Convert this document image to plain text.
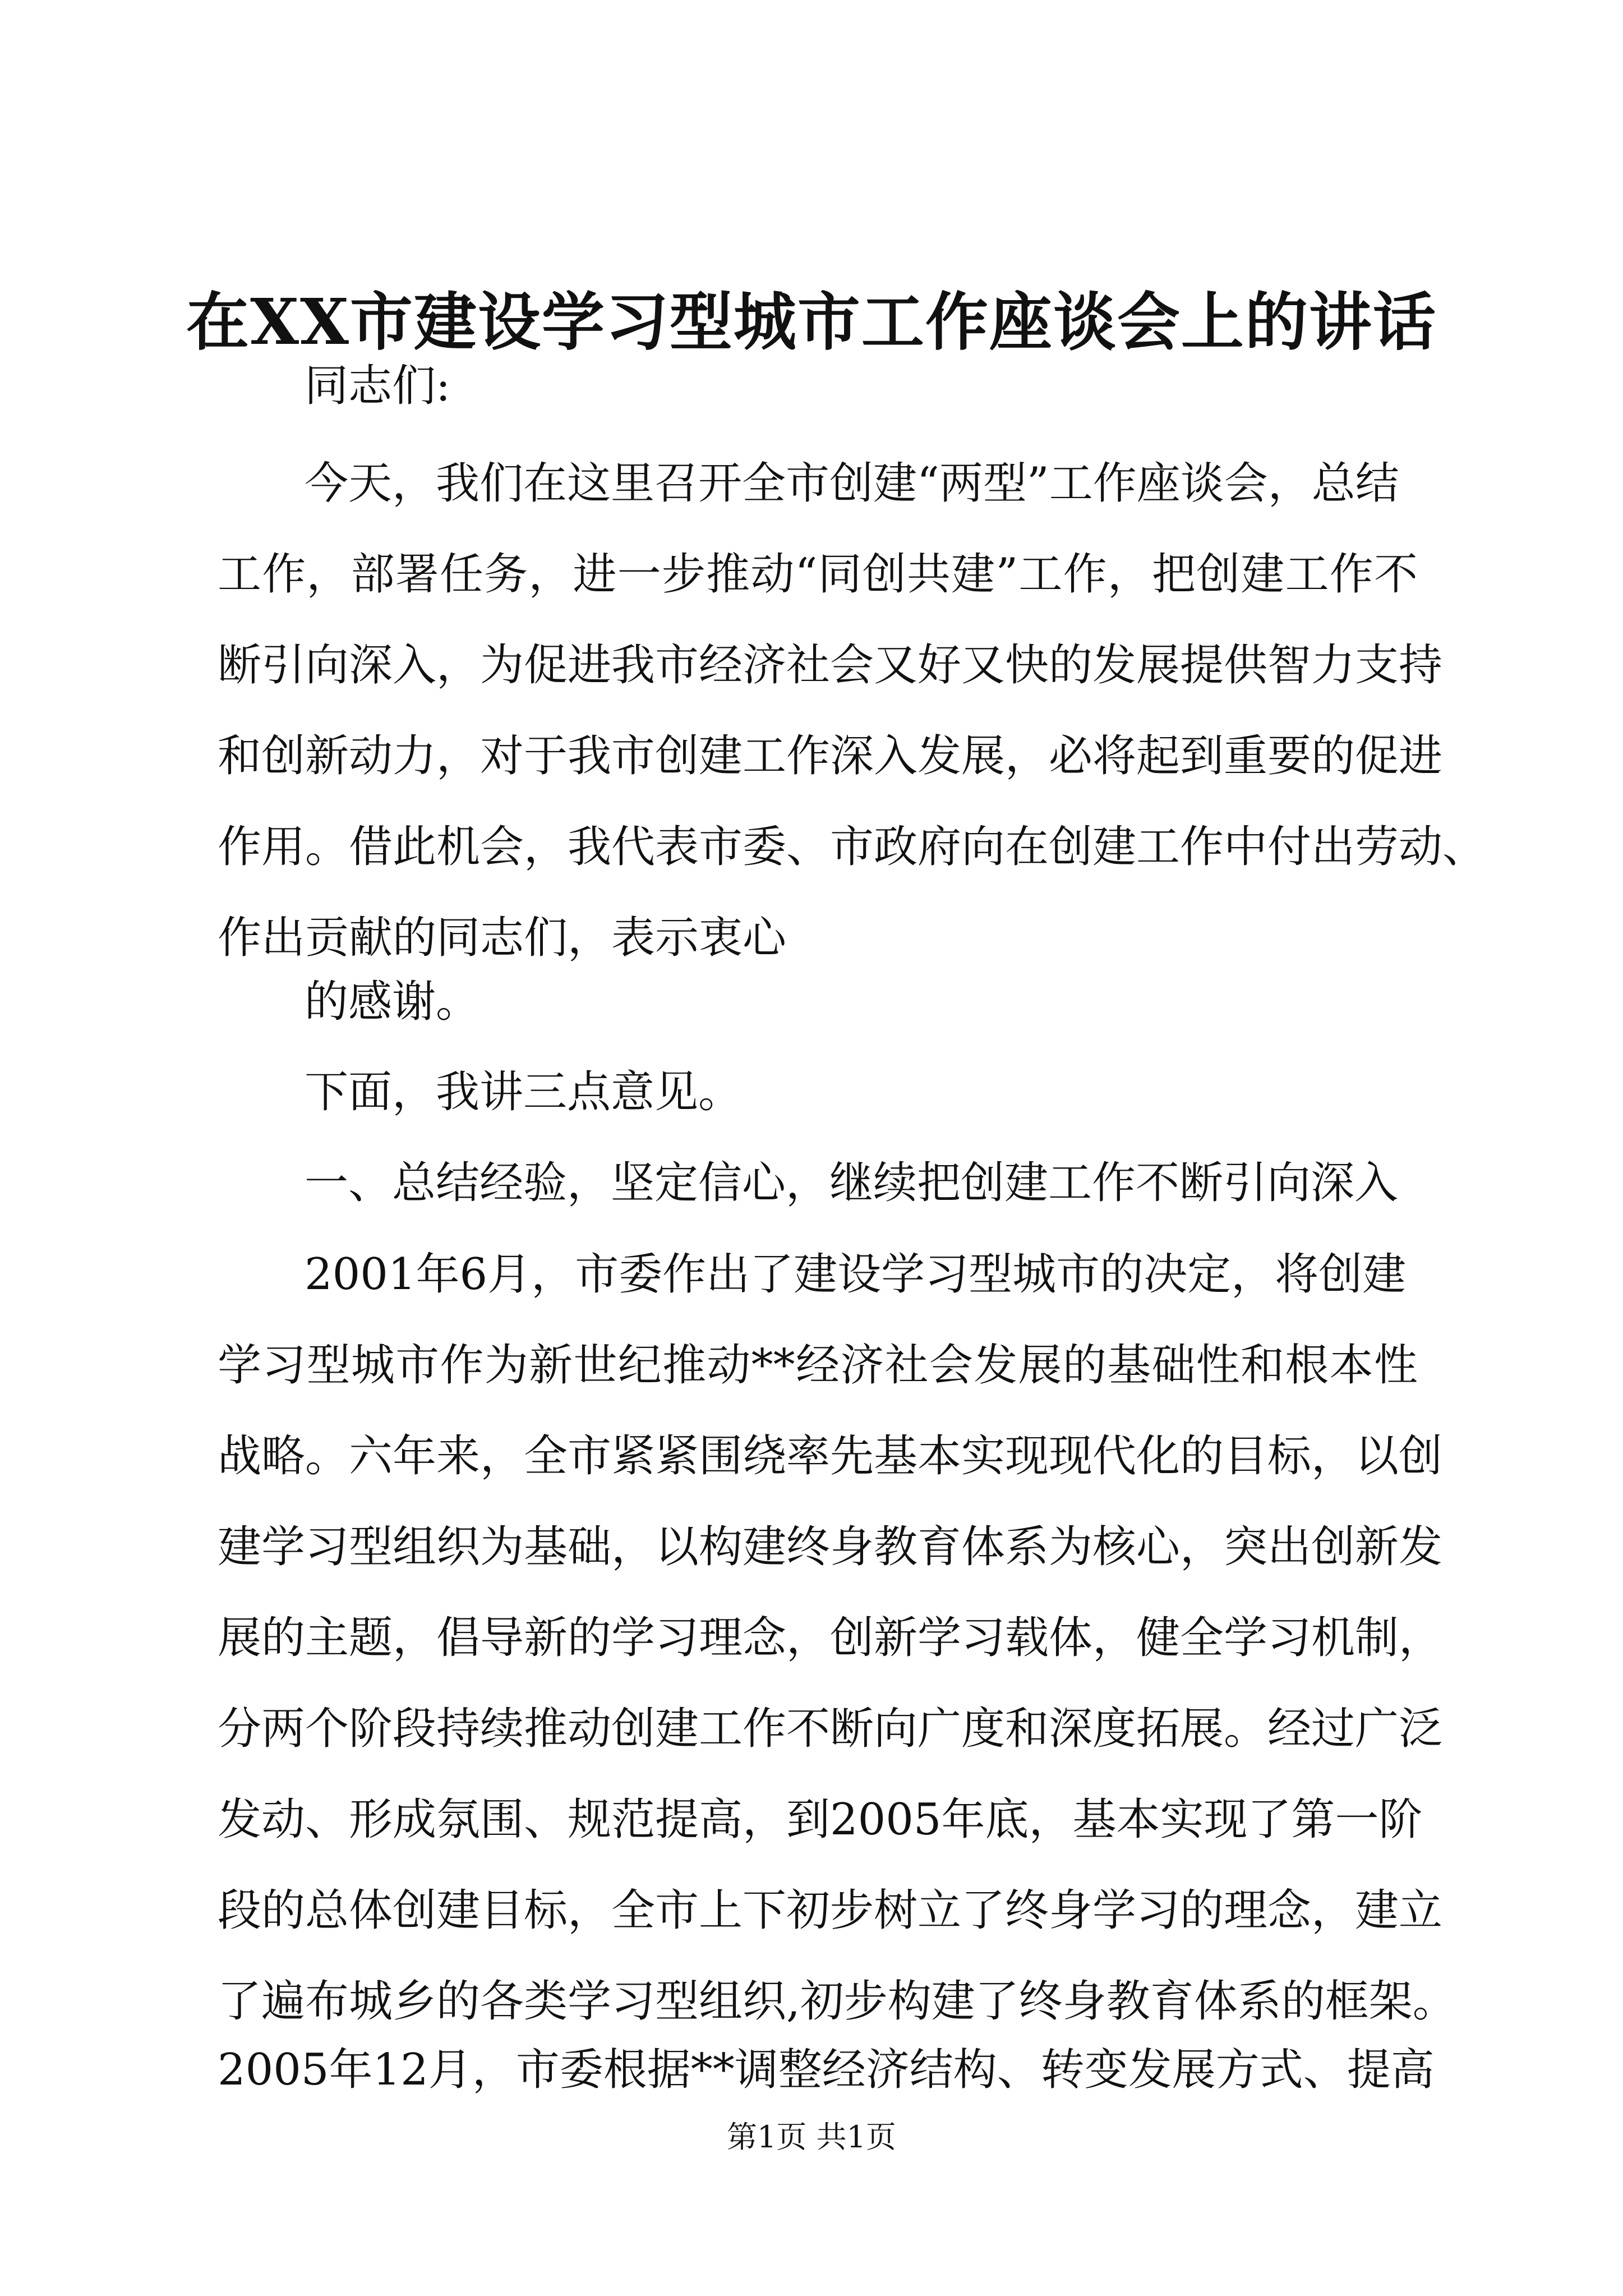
在XX市建设学习型城市工作座谈会上的讲话

同志们:

今天，我们在这里召开全市创建“两型”工作座谈会，总结

工作，部署任务，进一步推动“同创共建”工作，把创建工作不

断引向深入，为促进我市经济社会又好又快的发展提供智力支持

和创新动力，对于我市创建工作深入发展，必将起到重要的促进

作用。借此机会，我代表市委、市政府向在创建工作中付出劳动、

作出贡献的同志们，表示衷心

的感谢。

下面，我讲三点意见。

一、总结经验，坚定信心，继续把创建工作不断引向深入

2001年6月，市委作出了建设学习型城市的决定，将创建

学习型城市作为新世纪推动**经济社会发展的基础性和根本性

战略。六年来，全市紧紧围绕率先基本实现现代化的目标，以创

建学习型组织为基础，以构建终身教育体系为核心，突出创新发

展的主题，倡导新的学习理念，创新学习载体，健全学习机制，

分两个阶段持续推动创建工作不断向广度和深度拓展。经过广泛

发动、形成氛围、规范提高，到2005年底，基本实现了第一阶

段的总体创建目标，全市上下初步树立了终身学习的理念，建立

了遍布城乡的各类学习型组织,初步构建了终身教育体系的框架。

2005年12月，市委根据**调整经济结构、转变发展方式、提高

第1页 共1页
